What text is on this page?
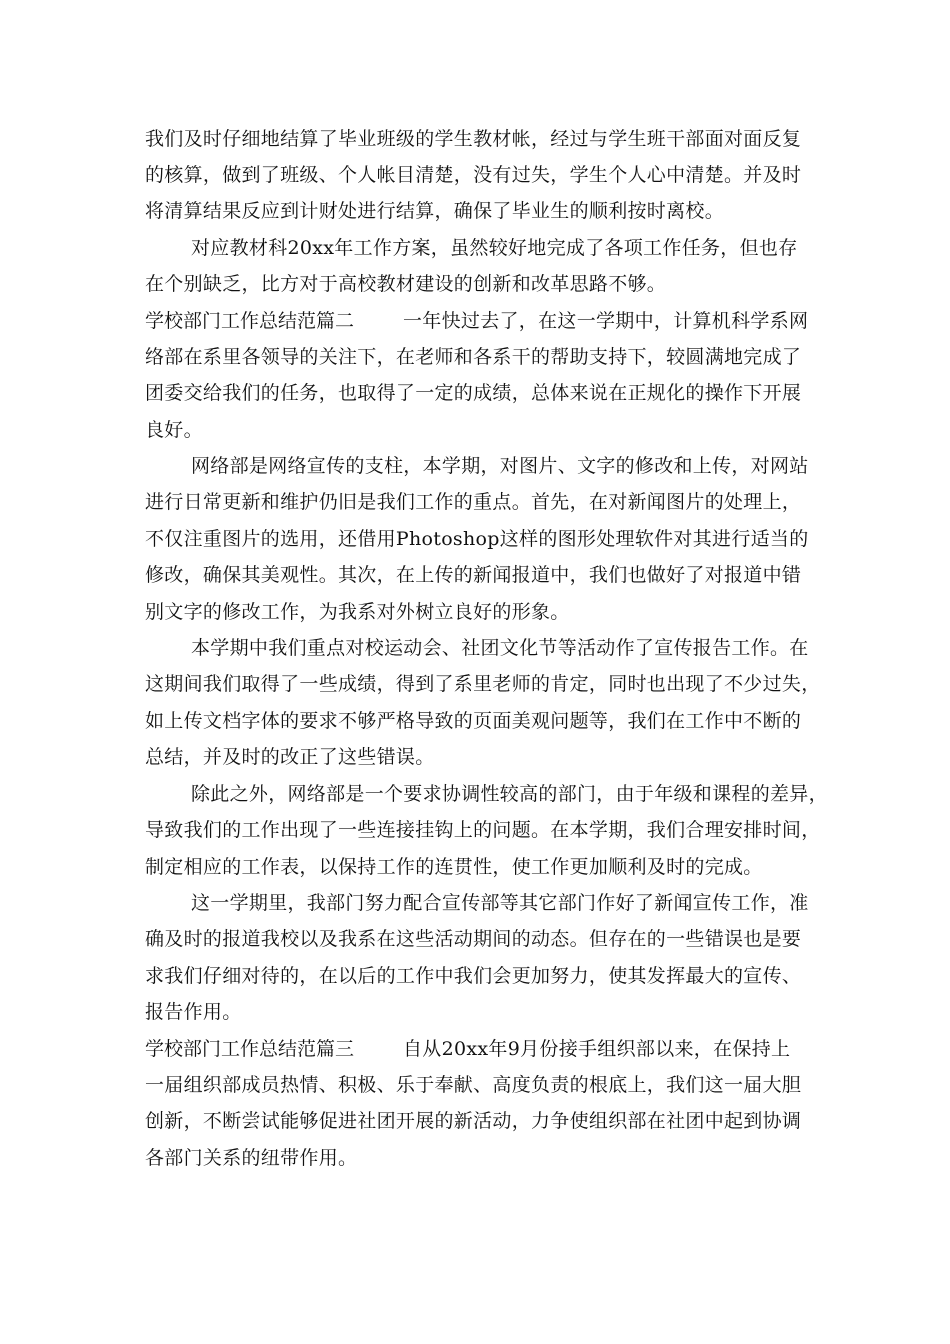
我们及时仔细地结算了毕业班级的学生教材帐，经过与学生班干部面对面反复
的核算，做到了班级、个人帐目清楚，没有过失，学生个人心中清楚。并及时
将清算结果反应到计财处进行结算，确保了毕业生的顺利按时离校。
对应教材科20xx年工作方案，虽然较好地完成了各项工作任务，但也存
在个别缺乏，比方对于高校教材建设的创新和改革思路不够。
学校部门工作总结范篇二	一年快过去了，在这一学期中，计算机科学系网
络部在系里各领导的关注下，在老师和各系干的帮助支持下，较圆满地完成了
团委交给我们的任务，也取得了一定的成绩，总体来说在正规化的操作下开展
良好。
网络部是网络宣传的支柱，本学期，对图片、文字的修改和上传，对网站
进行日常更新和维护仍旧是我们工作的重点。首先，在对新闻图片的处理上，
不仅注重图片的选用，还借用Photoshop这样的图形处理软件对其进行适当的
修改，确保其美观性。其次，在上传的新闻报道中，我们也做好了对报道中错
别文字的修改工作，为我系对外树立良好的形象。
本学期中我们重点对校运动会、社团文化节等活动作了宣传报告工作。在
这期间我们取得了一些成绩，得到了系里老师的肯定，同时也出现了不少过失，
如上传文档字体的要求不够严格导致的页面美观问题等，我们在工作中不断的
总结，并及时的改正了这些错误。
除此之外，网络部是一个要求协调性较高的部门，由于年级和课程的差异，
导致我们的工作出现了一些连接挂钩上的问题。在本学期，我们合理安排时间，
制定相应的工作表，以保持工作的连贯性，使工作更加顺利及时的完成。
这一学期里，我部门努力配合宣传部等其它部门作好了新闻宣传工作，准
确及时的报道我校以及我系在这些活动期间的动态。但存在的一些错误也是要
求我们仔细对待的，在以后的工作中我们会更加努力，使其发挥最大的宣传、
报告作用。
学校部门工作总结范篇三	自从20xx年9月份接手组织部以来，在保持上
一届组织部成员热情、积极、乐于奉献、高度负责的根底上，我们这一届大胆
创新，不断尝试能够促进社团开展的新活动，力争使组织部在社团中起到协调
各部门关系的纽带作用。
